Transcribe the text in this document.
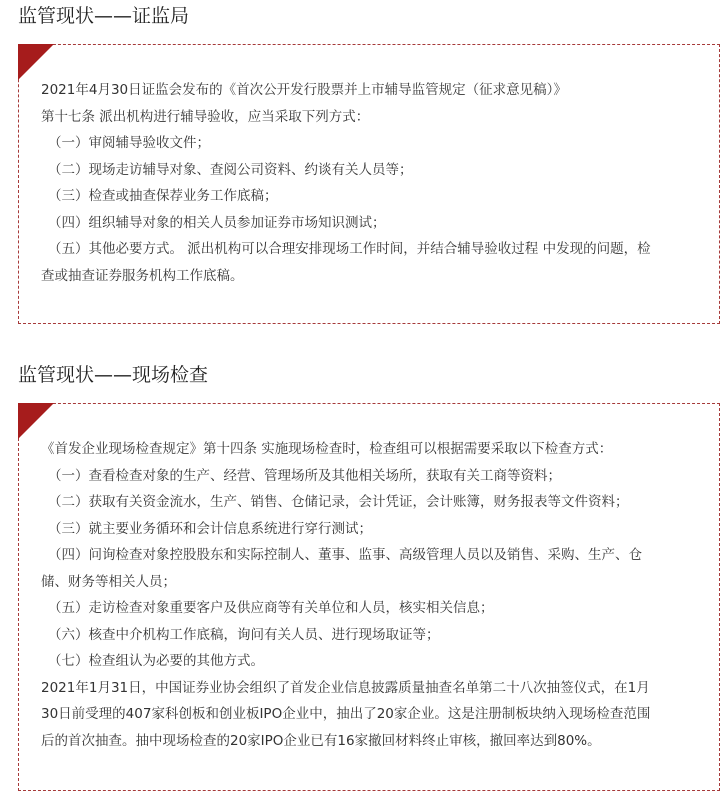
监管现状——证监局

2021年4月30日证监会发布的《首次公开发行股票并上市辅导监管规定（征求意见稿）》

第十七条 派出机构进行辅导验收，应当采取下列方式：

（一）审阅辅导验收文件；

（二）现场走访辅导对象、查阅公司资料、约谈有关人员等；

（三）检查或抽查保荐业务工作底稿；

（四）组织辅导对象的相关人员参加证券市场知识测试；

（五）其他必要方式。 派出机构可以合理安排现场工作时间，并结合辅导验收过程 中发现的问题，检

查或抽查证券服务机构工作底稿。

监管现状——现场检查

《首发企业现场检查规定》第十四条 实施现场检查时，检查组可以根据需要采取以下检查方式：

（一）查看检查对象的生产、经营、管理场所及其他相关场所，获取有关工商等资料；

（二）获取有关资金流水，生产、销售、仓储记录，会计凭证，会计账簿，财务报表等文件资料；

（三）就主要业务循环和会计信息系统进行穿行测试；

（四）问询检查对象控股股东和实际控制人、董事、监事、高级管理人员以及销售、采购、生产、仓

储、财务等相关人员；

（五）走访检查对象重要客户及供应商等有关单位和人员，核实相关信息；

（六）核查中介机构工作底稿，询问有关人员、进行现场取证等；

（七）检查组认为必要的其他方式。

2021年1月31日，中国证券业协会组织了首发企业信息披露质量抽查名单第二十八次抽签仪式，在1月

30日前受理的407家科创板和创业板IPO企业中，抽出了20家企业。这是注册制板块纳入现场检查范围

后的首次抽查。抽中现场检查的20家IPO企业已有16家撤回材料终止审核，撤回率达到80%。
